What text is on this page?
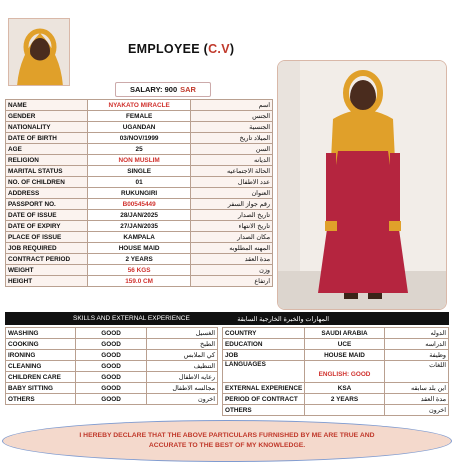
EMPLOYEE (C.V)
SALARY: 900 SAR
NAME	NYAKATO MIRACLE	اسم
GENDER	FEMALE	الجنس
NATIONALITY	UGANDAN	الجنسية
DATE OF BIRTH	03/NOV/1999	الميلاد تاريخ
AGE	25	السن
RELIGION	NON MUSLIM	الديانه
MARITAL STATUS	SINGLE	الحالة الاجتماعيه
NO. OF CHILDREN	01	عدد الاطفال
ADDRESS	RUKUNGIRI	العنوان
PASSPORT NO.	B00545449	رقم جواز السفر
DATE OF ISSUE	28/JAN/2025	تاريخ الصدار
DATE OF EXPIRY	27/JAN/2035	تاريخ الانتهاء
PLACE OF ISSUE	KAMPALA	مكان الصدار
JOB REQUIRED	HOUSE MAID	المهنه المطلوبه
CONTRACT PERIOD	2 YEARS	مدة العقد
WEIGHT	56 KGS	وزن
HEIGHT	159.0 CM	ارتفاع
SKILLS AND EXTERNAL EXPERIENCE	المهارات والخبرة الخارجية السابقة
WASHING	GOOD	الغسيل
COOKING	GOOD	الطبخ
IRONING	GOOD	كي الملابس
CLEANING	GOOD	التنظيف
CHILDREN CARE	GOOD	رعايه الاطفال
BABY SITTING	GOOD	مجالسه الاطفال
OTHERS	GOOD	اخرون
COUNTRY	SAUDI ARABIA	الدوله
EDUCATION	UCE	الدراسه
JOB	HOUSE MAID	وظيفة
LANGUAGES	ENGLISH: GOOD	اللغات
EXTERNAL EXPERIENCE	KSA	اين بلد سابقه
PERIOD OF CONTRACT	2 YEARS	مدة العقد
OTHERS		اخرون
I HEREBY DECLARE THAT THE ABOVE PARTICULARS FURNISHED BY ME ARE TRUE AND ACCURATE TO THE BEST OF MY KNOWLEDGE.
